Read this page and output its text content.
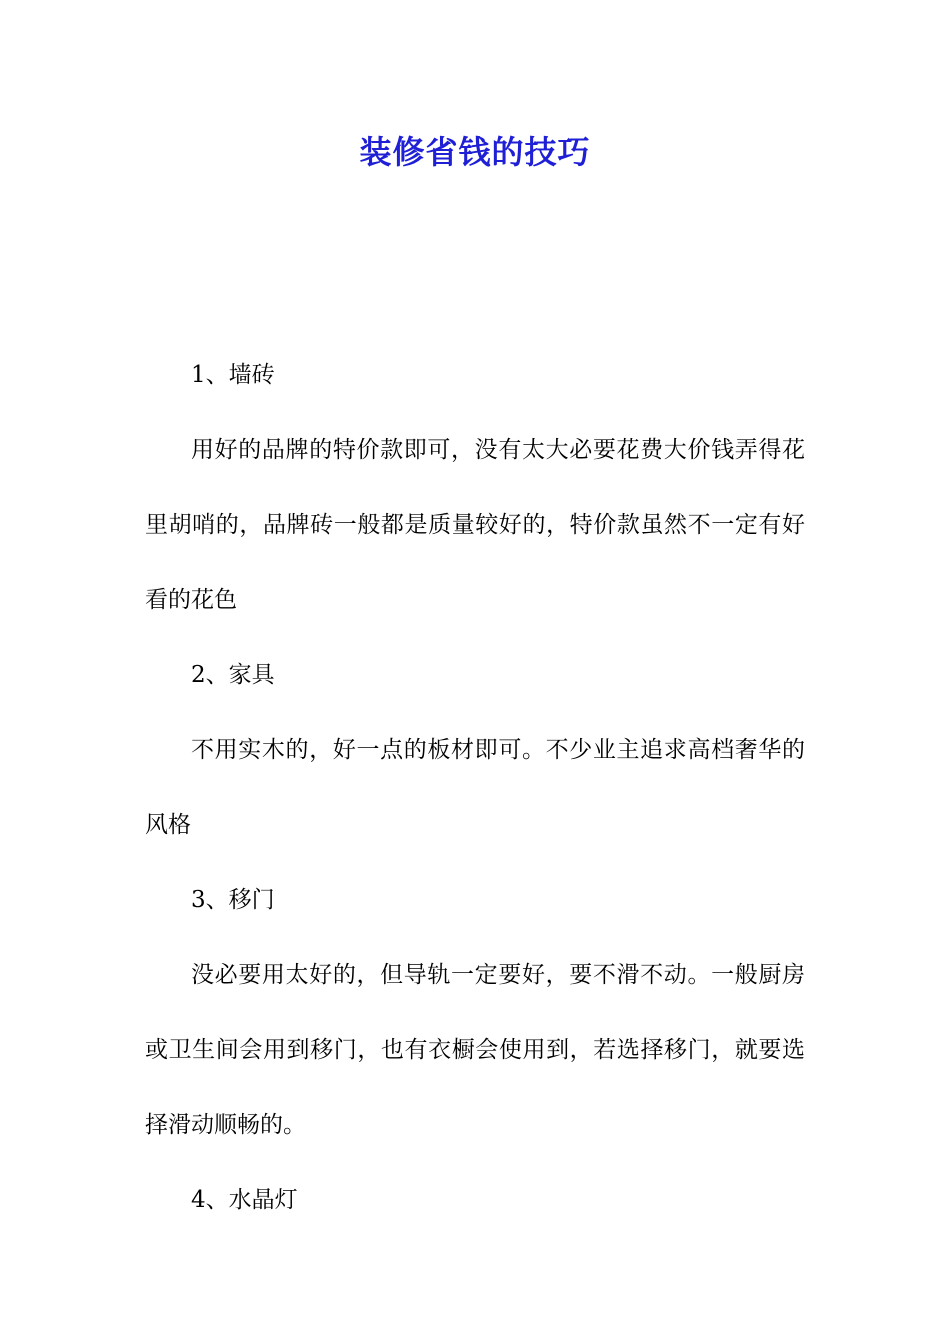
装修省钱的技巧

1、墙砖

用好的品牌的特价款即可，没有太大必要花费大价钱弄得花里胡哨的，品牌砖一般都是质量较好的，特价款虽然不一定有好看的花色

2、家具

不用实木的，好一点的板材即可。不少业主追求高档奢华的风格

3、移门

没必要用太好的，但导轨一定要好，要不滑不动。一般厨房或卫生间会用到移门，也有衣橱会使用到，若选择移门，就要选择滑动顺畅的。

4、水晶灯
